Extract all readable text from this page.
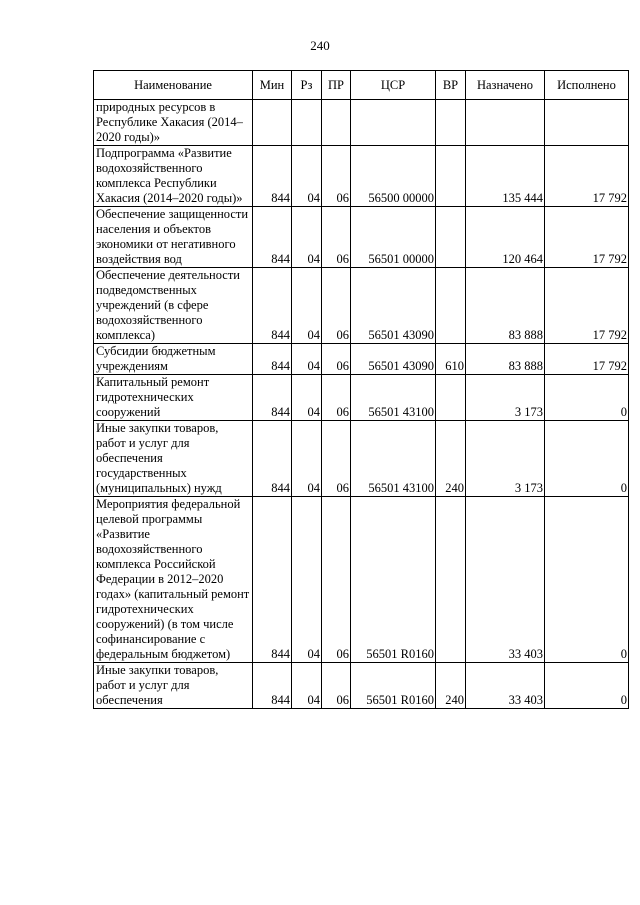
240
Наименование	Мин	Рз	ПР	ЦСР	ВР	Назначено	Исполнено
природных ресурсов в Республике Хакасия (2014–2020 годы)»							
Подпрограмма «Развитие водохозяйственного комплекса Республики Хакасия (2014–2020 годы)»	844	04	06	56500 00000		135 444	17 792
Обеспечение защищенности населения и объектов экономики от негативного воздействия вод	844	04	06	56501 00000		120 464	17 792
Обеспечение деятельности подведомственных учреждений (в сфере водохозяйственного комплекса)	844	04	06	56501 43090		83 888	17 792
Субсидии бюджетным учреждениям	844	04	06	56501 43090	610	83 888	17 792
Капитальный ремонт гидротехнических сооружений	844	04	06	56501 43100		3 173	0
Иные закупки товаров, работ и услуг для обеспечения государственных (муниципальных) нужд	844	04	06	56501 43100	240	3 173	0
Мероприятия федеральной целевой программы «Развитие водохозяйственного комплекса Российской Федерации в 2012–2020 годах» (капитальный ремонт гидротехнических сооружений) (в том числе софинансирование с федеральным бюджетом)	844	04	06	56501 R0160		33 403	0
Иные закупки товаров, работ и услуг для обеспечения	844	04	06	56501 R0160	240	33 403	0
